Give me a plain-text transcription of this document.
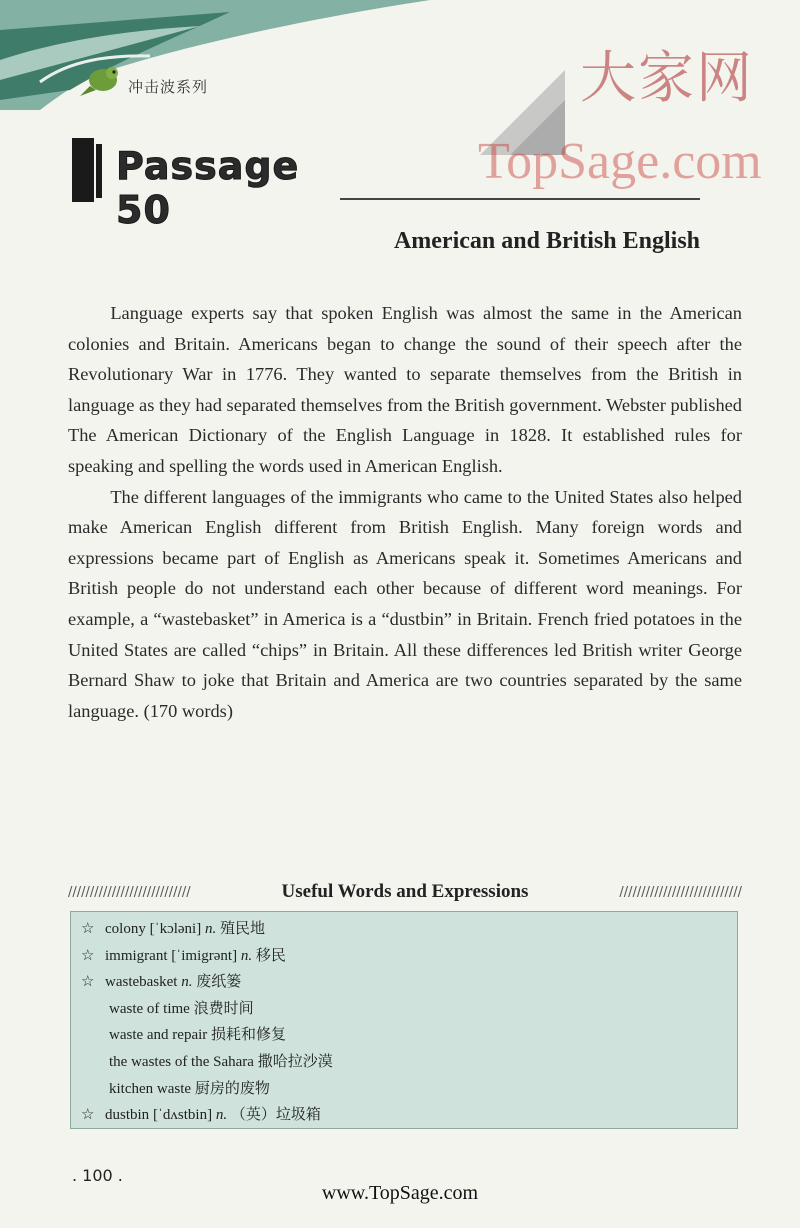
冲击波系列	大家网
TopSage.com
Passage 50
American and British English

Language experts say that spoken English was almost the same in the American colonies and Britain. Americans began to change the sound of their speech after the Revolutionary War in 1776. They wanted to separate themselves from the British in language as they had separated themselves from the British government. Webster published The American Dictionary of the English Language in 1828. It established rules for speaking and spelling the words used in American English.

The different languages of the immigrants who came to the United States also helped make American English different from British English. Many foreign words and expressions became part of English as Americans speak it. Sometimes Americans and British people do not understand each other because of different word meanings. For example, a “wastebasket” in America is a “dustbin” in Britain. French fried potatoes in the United States are called “chips” in Britain. All these differences led British writer George Bernard Shaw to joke that Britain and America are two countries separated by the same language. (170 words)

////////////////////////////	Useful Words and Expressions	////////////////////////////
☆ colony [ˈkɔləni] n. 殖民地
☆ immigrant [ˈimigrənt] n. 移民
☆ wastebasket n. 废纸篓
waste of time 浪费时间
waste and repair 损耗和修复
the wastes of the Sahara 撒哈拉沙漠
kitchen waste 厨房的废物
☆ dustbin [ˈdʌstbin] n. （英）垃圾箱
. 100 .
www.TopSage.com
